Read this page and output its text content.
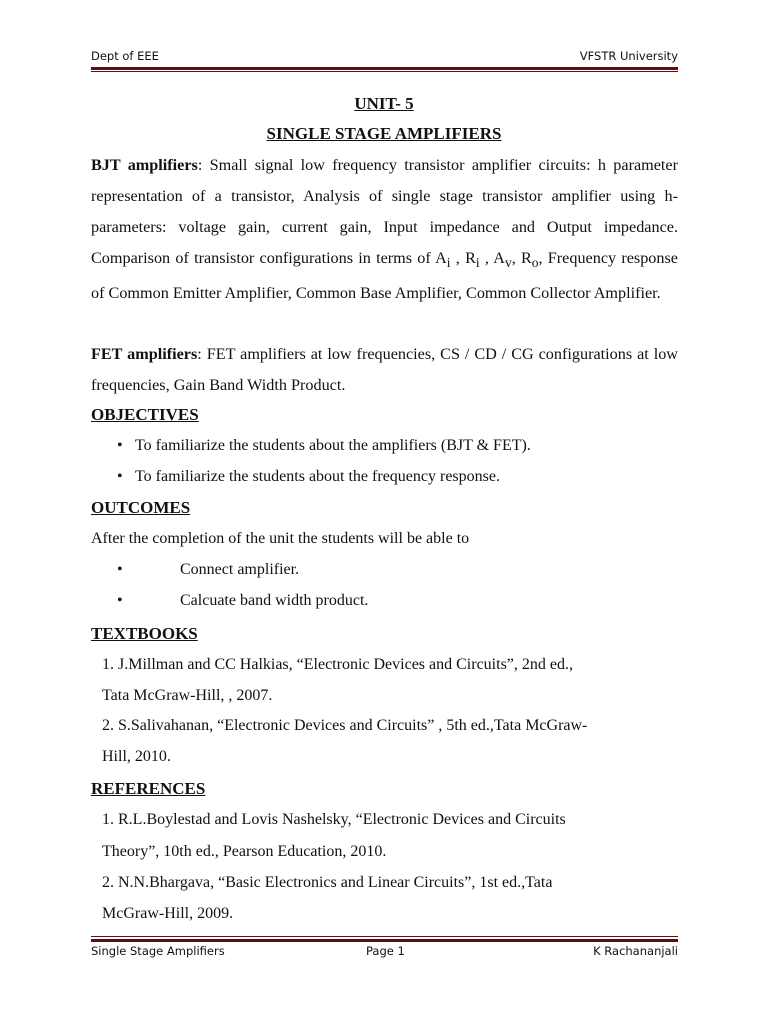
Dept of EEE	VFSTR University
UNIT- 5
SINGLE STAGE AMPLIFIERS
BJT amplifiers: Small signal low frequency transistor amplifier circuits: h parameter representation of a transistor, Analysis of single stage transistor amplifier using h-parameters: voltage gain, current gain, Input impedance and Output impedance. Comparison of transistor configurations in terms of $A_i$ , $R_i$ , $A_v$, $R_o$, Frequency response of Common Emitter Amplifier, Common Base Amplifier, Common Collector Amplifier.
FET amplifiers: FET amplifiers at low frequencies, CS / CD / CG configurations at low frequencies, Gain Band Width Product.
OBJECTIVES
• To familiarize the students about the amplifiers (BJT & FET).
• To familiarize the students about the frequency response.
OUTCOMES
After the completion of the unit the students will be able to
•	Connect amplifier.
•	Calcuate band width product.
TEXTBOOKS
1. J.Millman and CC Halkias, “Electronic Devices and Circuits”, 2nd ed.,
Tata McGraw-Hill, , 2007.
2. S.Salivahanan, “Electronic Devices and Circuits” , 5th ed.,Tata McGraw-
Hill, 2010.
REFERENCES
1. R.L.Boylestad and Lovis Nashelsky, “Electronic Devices and Circuits
Theory”, 10th ed., Pearson Education, 2010.
2. N.N.Bhargava, “Basic Electronics and Linear Circuits”, 1st ed.,Tata
McGraw-Hill, 2009.
Single Stage Amplifiers	Page 1	K Rachananjali
